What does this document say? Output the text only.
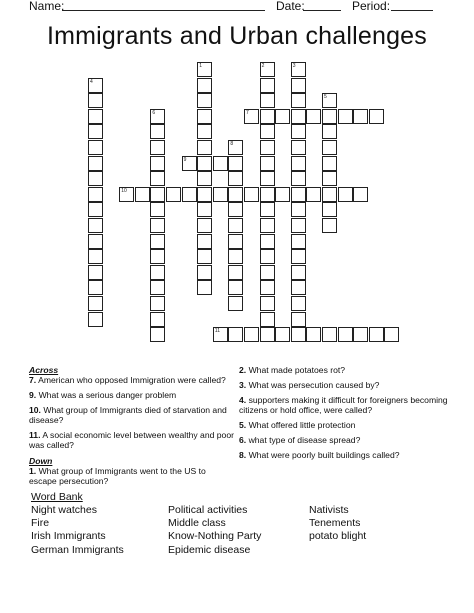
Name:	Date:	Period:
Immigrants and Urban challenges
1	2	3
4
5
6	7
8
9
10
11
Across
7. American who opposed Immigration were called?
9. What was a serious danger problem
10. What group of Immigrants died of starvation and disease?
11. A social economic level between wealthy and poor was called?
Down
1. What group of Immigrants went to the US to escape persecution?
2. What made potatoes rot?
3. What was persecution caused by?
4. supporters making it difficult for foreigners becoming citizens or hold office, were called?
5. What offered little protection
6. what type of disease spread?
8. What were poorly built buildings called?
Word Bank
Night watches
Fire
Irish Immigrants
German Immigrants
Political activities
Middle class
Know-Nothing Party
Epidemic disease
Nativists
Tenements
potato blight
